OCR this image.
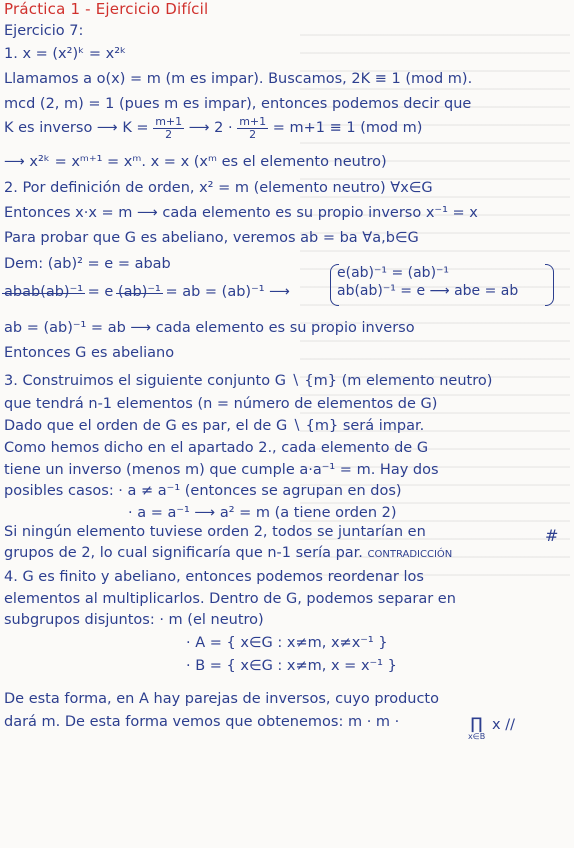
Práctica 1 - Ejercicio Difícil
Ejercicio 7:
1. x = (x²)ᵏ = x²ᵏ
Llamamos a o(x) = m (m es impar). Buscamos, 2K ≡ 1 (mod m).
mcd (2, m) = 1 (pues m es impar), entonces podemos decir que
K es inverso ⟶ $K = \frac{m+1}{2}$ ⟶ $2 \cdot \frac{m+1}{2} = m+1 \equiv 1$ (mod m)
⟶ x²ᵏ = xᵐ⁺¹ = xᵐ. x = x (xᵐ es el elemento neutro)
2. Por definición de orden, x² = m (elemento neutro) ∀x∈G
Entonces x·x = m ⟶ cada elemento es su propio inverso x⁻¹ = x
Para probar que G es abeliano, veremos ab = ba ∀a,b∈G
Dem: (ab)² = e = abab
abab(ab)⁻¹ = e (ab)⁻¹ = ab = (ab)⁻¹ ⟶
e(ab)⁻¹ = (ab)⁻¹
ab(ab)⁻¹ = e ⟶ abe = ab
ab = (ab)⁻¹ = ab ⟶ cada elemento es su propio inverso
Entonces G es abeliano
3. Construimos el siguiente conjunto G ∖ {m} (m elemento neutro)
que tendrá n-1 elementos (n = número de elementos de G)
Dado que el orden de G es par, el de G ∖ {m} será impar.
Como hemos dicho en el apartado 2., cada elemento de G
tiene un inverso (menos m) que cumple a·a⁻¹ = m. Hay dos
posibles casos: · a ≠ a⁻¹ (entonces se agrupan en dos)
· a = a⁻¹ ⟶ a² = m (a tiene orden 2)
Si ningún elemento tuviese orden 2, todos se juntarían en	#
grupos de 2, lo cual significaría que n-1 sería par. CONTRADICCIÓN
4. G es finito y abeliano, entonces podemos reordenar los
elementos al multiplicarlos. Dentro de G, podemos separar en
subgrupos disjuntos: · m (el neutro)
· A = { x∈G : x≠m, x≠x⁻¹ }
· B = { x∈G : x≠m, x = x⁻¹ }
De esta forma, en A hay parejas de inversos, cuyo producto
dará m. De esta forma vemos que obtenemos: m · m ·	∏
x∈B
x //
